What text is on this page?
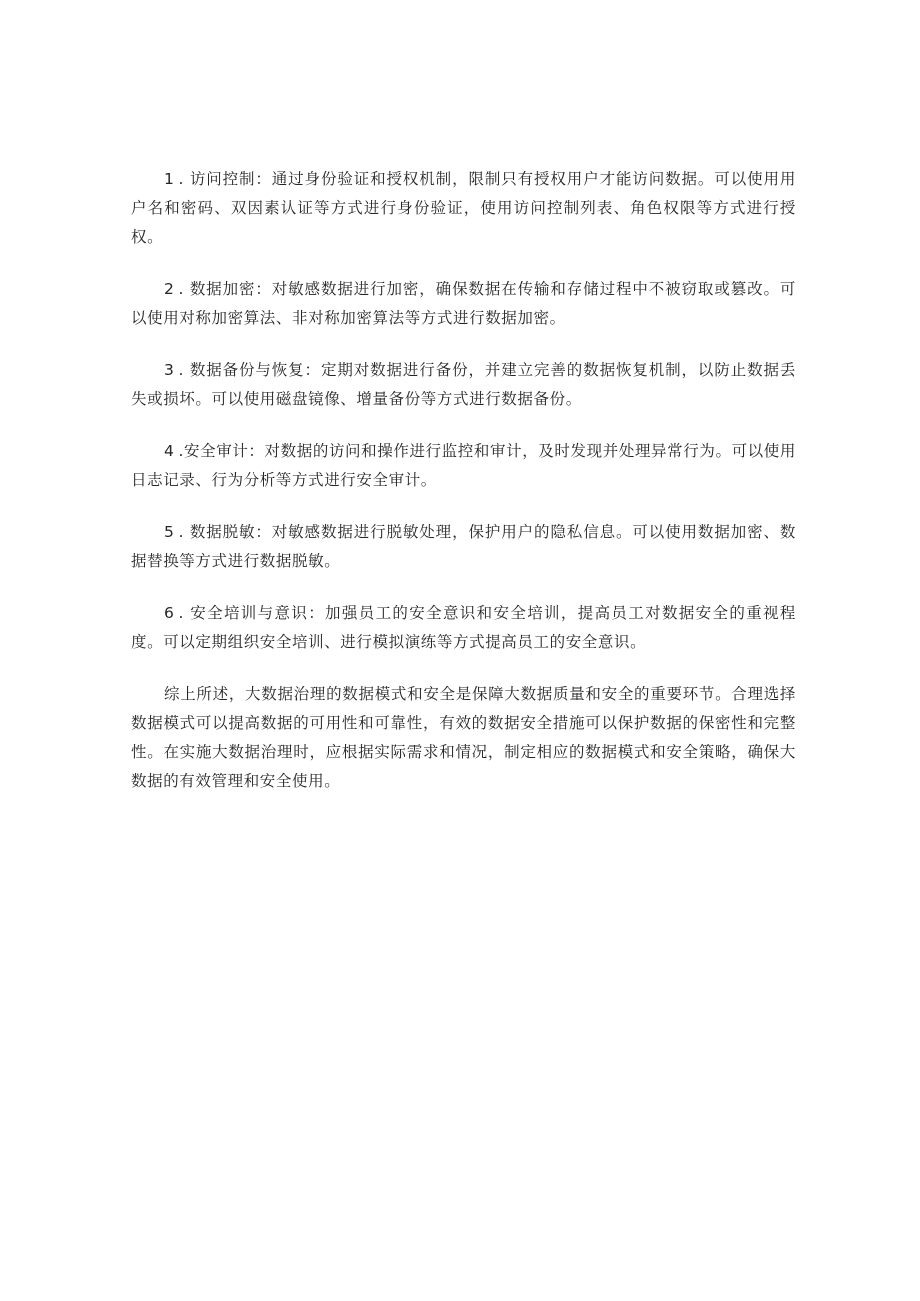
1 . 访问控制：通过身份验证和授权机制，限制只有授权用户才能访问数据。可以使用用户名和密码、双因素认证等方式进行身份验证，使用访问控制列表、角色权限等方式进行授权。

2 . 数据加密：对敏感数据进行加密，确保数据在传输和存储过程中不被窃取或篡改。可以使用对称加密算法、非对称加密算法等方式进行数据加密。

3 . 数据备份与恢复：定期对数据进行备份，并建立完善的数据恢复机制，以防止数据丢失或损坏。可以使用磁盘镜像、增量备份等方式进行数据备份。

4 .安全审计：对数据的访问和操作进行监控和审计，及时发现并处理异常行为。可以使用日志记录、行为分析等方式进行安全审计。

5 . 数据脱敏：对敏感数据进行脱敏处理，保护用户的隐私信息。可以使用数据加密、数据替换等方式进行数据脱敏。

6 . 安全培训与意识：加强员工的安全意识和安全培训，提高员工对数据安全的重视程度。可以定期组织安全培训、进行模拟演练等方式提高员工的安全意识。

综上所述，大数据治理的数据模式和安全是保障大数据质量和安全的重要环节。合理选择数据模式可以提高数据的可用性和可靠性，有效的数据安全措施可以保护数据的保密性和完整性。在实施大数据治理时，应根据实际需求和情况，制定相应的数据模式和安全策略，确保大数据的有效管理和安全使用。
